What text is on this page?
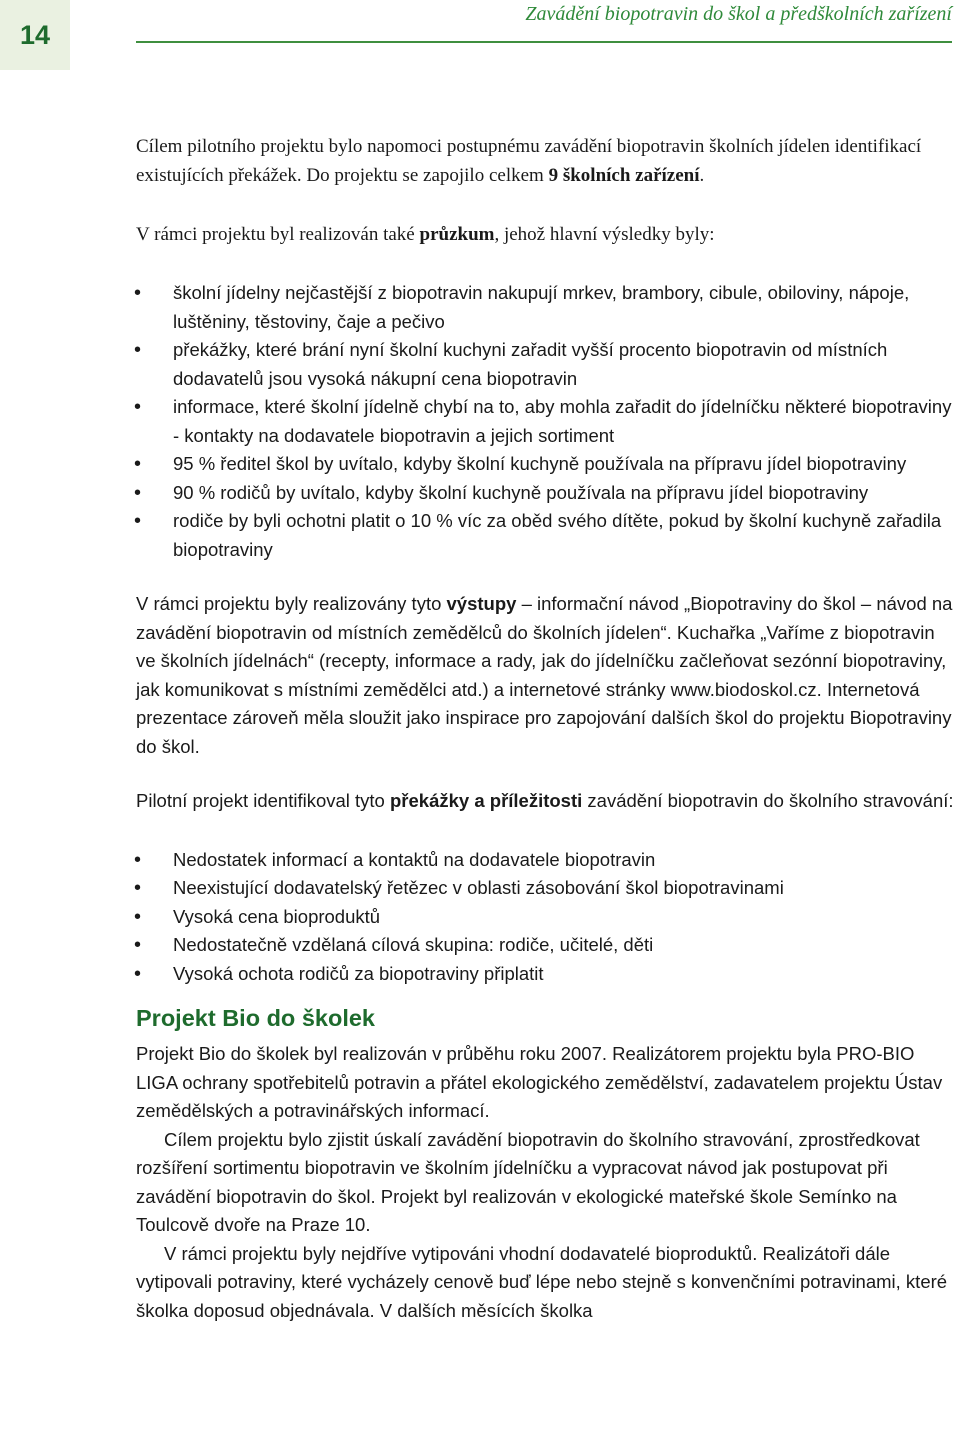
14
Zavádění biopotravin do škol a předškolních zařízení

Cílem pilotního projektu bylo napomoci postupnému zavádění biopotravin školních jídelen identifikací existujících překážek. Do projektu se zapojilo celkem 9 školních zařízení.

V rámci projektu byl realizován také průzkum, jehož hlavní výsledky byly:

• školní jídelny nejčastější z biopotravin nakupují mrkev, brambory, cibule, obiloviny, nápoje, luštěniny, těstoviny, čaje a pečivo
• překážky, které brání nyní školní kuchyni zařadit vyšší procento biopotravin od místních dodavatelů jsou vysoká nákupní cena biopotravin
• informace, které školní jídelně chybí na to, aby mohla zařadit do jídelníčku některé biopotraviny - kontakty na dodavatele biopotravin a jejich sortiment
• 95 % ředitel škol by uvítalo, kdyby školní kuchyně používala na přípravu jídel biopotraviny
• 90 % rodičů by uvítalo, kdyby školní kuchyně používala na přípravu jídel biopotraviny
• rodiče by byli ochotni platit o 10 % víc za oběd svého dítěte, pokud by školní kuchyně zařadila biopotraviny

V rámci projektu byly realizovány tyto výstupy – informační návod „Biopotraviny do škol – návod na zavádění biopotravin od místních zemědělců do školních jídelen“. Kuchařka „Vaříme z biopotravin ve školních jídelnách“ (recepty, informace a rady, jak do jídelníčku začleňovat sezónní biopotraviny, jak komunikovat s místními zemědělci atd.) a internetové stránky www.biodoskol.cz. Internetová prezentace zároveň měla sloužit jako inspirace pro zapojování dalších škol do projektu Biopotraviny do škol.

Pilotní projekt identifikoval tyto překážky a příležitosti zavádění biopotravin do školního stravování:

• Nedostatek informací a kontaktů na dodavatele biopotravin
• Neexistující dodavatelský řetězec v oblasti zásobování škol biopotravinami
• Vysoká cena bioproduktů
• Nedostatečně vzdělaná cílová skupina: rodiče, učitelé, děti
• Vysoká ochota rodičů za biopotraviny připlatit
Projekt Bio do školek

Projekt Bio do školek byl realizován v průběhu roku 2007. Realizátorem projektu byla PRO-BIO LIGA ochrany spotřebitelů potravin a přátel ekologického zemědělství, zadavatelem projektu Ústav zemědělských a potravinářských informací.

Cílem projektu bylo zjistit úskalí zavádění biopotravin do školního stravování, zprostředkovat rozšíření sortimentu biopotravin ve školním jídelníčku a vypracovat návod jak postupovat při zavádění biopotravin do škol. Projekt byl realizován v ekologické mateřské škole Semínko na Toulcově dvoře na Praze 10.

V rámci projektu byly nejdříve vytipováni vhodní dodavatelé bioproduktů. Realizátoři dále vytipovali potraviny, které vycházely cenově buď lépe nebo stejně s konvenčními potravinami, které školka doposud objednávala. V dalších měsících školka
